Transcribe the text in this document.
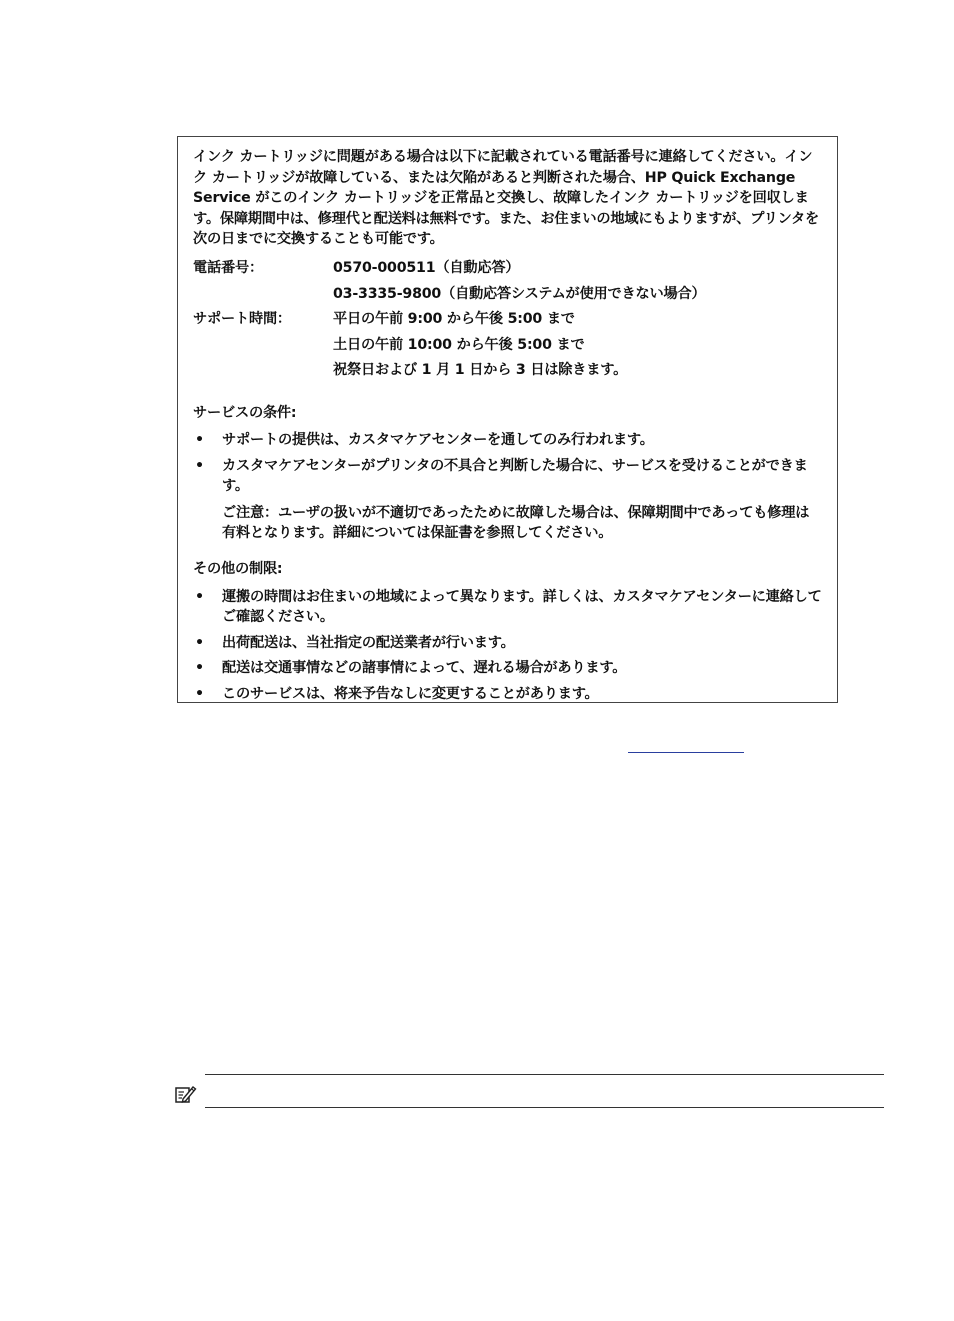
インク カートリッジに問題がある場合は以下に記載されている電話番号に連絡してください。インク カートリッジが故障している、または欠陥があると判断された場合、HP Quick Exchange Service がこのインク カートリッジを正常品と交換し、故障したインク カートリッジを回収します。保障期間中は、修理代と配送料は無料です。また、お住まいの地域にもよりますが、プリンタを次の日までに交換することも可能です。

電話番号：	0570-000511（自動応答）
03-3335-9800（自動応答システムが使用できない場合）
サポート時間：	平日の午前 9:00 から午後 5:00 まで
土日の午前 10:00 から午後 5:00 まで
祝祭日および 1 月 1 日から 3 日は除きます。
サービスの条件:
•	サポートの提供は、カスタマケアセンターを通してのみ行われます。
•	カスタマケアセンターがプリンタの不具合と判断した場合に、サービスを受けることができます。

ご注意：ユーザの扱いが不適切であったために故障した場合は、保障期間中であっても修理は有料となります。詳細については保証書を参照してください。

その他の制限:
•	運搬の時間はお住まいの地域によって異なります。詳しくは、カスタマケアセンターに連絡してご確認ください。
•	出荷配送は、当社指定の配送業者が行います。
•	配送は交通事情などの諸事情によって、遅れる場合があります。
•	このサービスは、将来予告なしに変更することがあります。
